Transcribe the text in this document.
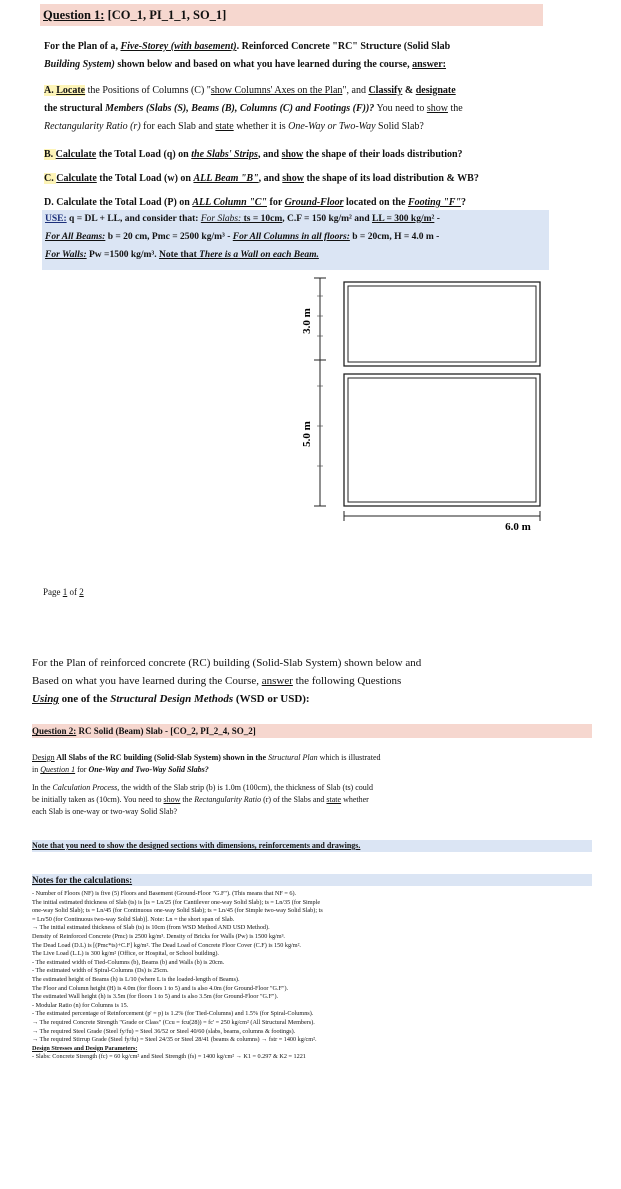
Question 1: [CO_1, PI_1_1, SO_1]
For the Plan of a, Five-Storey (with basement). Reinforced Concrete "RC" Structure (Solid Slab
Building System) shown below and based on what you have learned during the course, answer:
A. Locate the Positions of Columns (C) "show Columns' Axes on the Plan", and Classify & designate
the structural Members (Slabs (S), Beams (B), Columns (C) and Footings (F))? You need to show the
Rectangularity Ratio (r) for each Slab and state whether it is One-Way or Two-Way Solid Slab?
B. Calculate the Total Load (q) on the Slabs' Strips, and show the shape of their loads distribution?
C. Calculate the Total Load (w) on ALL Beam "B", and show the shape of its load distribution & WB?
D. Calculate the Total Load (P) on ALL Column "C" for Ground-Floor located on the Footing "F"?
USE: q = DL + LL, and consider that: For Slabs: ts = 10cm, C.F = 150 kg/m² and LL = 300 kg/m² -
For All Beams: b = 20 cm, Pmc = 2500 kg/m³ - For All Columns in all floors: b = 20cm, H = 4.0 m -
For Walls: Pw =1500 kg/m³. Note that There is a Wall on each Beam.
3.0 m
5.0 m
6.0 m
Page 1 of 2
For the Plan of reinforced concrete (RC) building (Solid-Slab System) shown below and
Based on what you have learned during the Course, answer the following Questions
Using one of the Structural Design Methods (WSD or USD):
Question 2: RC Solid (Beam) Slab - [CO_2, PI_2_4, SO_2]
Design All Slabs of the RC building (Solid-Slab System) shown in the Structural Plan which is illustrated
in Question 1 for One-Way and Two-Way Solid Slabs?
In the Calculation Process, the width of the Slab strip (b) is 1.0m (100cm), the thickness of Slab (ts) could
be initially taken as (10cm). You need to show the Rectangularity Ratio (r) of the Slabs and state whether
each Slab is one-way or two-way Solid Slab?
Note that you need to show the designed sections with dimensions, reinforcements and drawings.
Notes for the calculations:
- Number of Floors (NF) is five (5) Floors and Basement (Ground-Floor "G.F"). (This means that NF = 6).
The initial estimated thickness of Slab (ts) is [ts = Ln/25 (for Cantilever one-way Solid Slab); ts = Ln/35 (for Simple
one-way Solid Slab); ts = Ln/45 (for Continuous one-way Solid Slab); ts = Ln/45 (for Simple two-way Solid Slab); ts
= Ln/50 (for Continuous two-way Solid Slab)]. Note: Ln = the short span of Slab.
→ The initial estimated thickness of Slab (ts) is 10cm (from WSD Method AND USD Method).
Density of Reinforced Concrete (Pmc) is 2500 kg/m³. Density of Bricks for Walls (Pw) is 1500 kg/m³.
The Dead Load (D.L) is [(Pmc*ts)+C.F] kg/m². The Dead Load of Concrete Floor Cover (C.F) is 150 kg/m².
The Live Load (L.L) is 300 kg/m² (Office, or Hospital, or School building).
- The estimated width of Tied-Columns (b), Beams (b) and Walls (b) is 20cm.
- The estimated width of Spiral-Columns (Ds) is 25cm.
The estimated height of Beams (h) is L/10 (where L is the loaded-length of Beams).
The Floor and Column height (H) is 4.0m (for floors 1 to 5) and is also 4.0m (for Ground-Floor "G.F").
The estimated Wall height (h) is 3.5m (for floors 1 to 5) and is also 3.5m (for Ground-Floor "G.F").
- Modular Ratio (n) for Columns is 15.
- The estimated percentage of Reinforcement (p' = p) is 1.2% (for Tied-Columns) and 1.5% (for Spiral-Columns).
→ The required Concrete Strength "Grade or Class" (Ccu = fcu(28)) = fc' = 250 kg/cm² (All Structural Members).
→ The required Steel Grade (Steel fy/fu) = Steel 36/52 or Steel 40/60 (slabs, beams, columns & footings).
→ The required Stirrup Grade (Steel fy/fu) = Steel 24/35 or Steel 28/41 (beams & columns) → fstr = 1400 kg/cm².
Design Stresses and Design Parameters:
- Slabs: Concrete Strength (fc) = 60 kg/cm² and Steel Strength (fs) = 1400 kg/cm² → K1 = 0.297 & K2 = 1221
